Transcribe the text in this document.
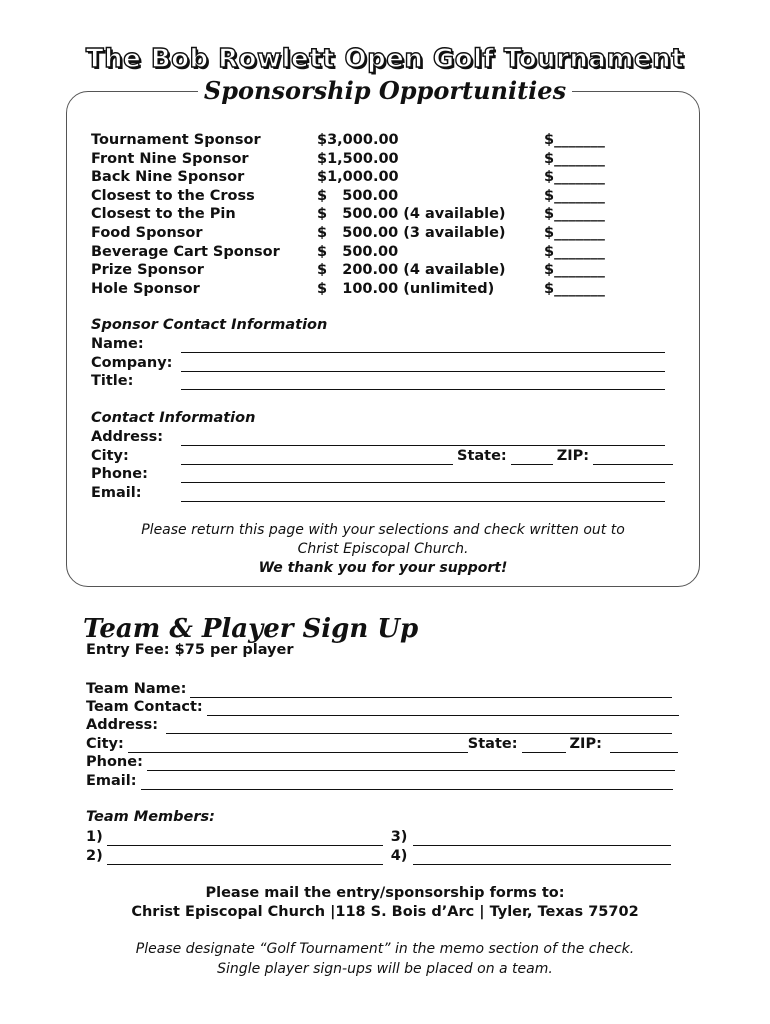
The Bob Rowlett Open Golf Tournament
Sponsorship Opportunities
Tournament Sponsor	$3,000.00	$_______
Front Nine Sponsor	$1,500.00	$_______
Back Nine Sponsor	$1,000.00	$_______
Closest to the Cross	$   500.00	$_______
Closest to the Pin	$   500.00 (4 available)	$_______
Food Sponsor	$   500.00 (3 available)	$_______
Beverage Cart Sponsor	$   500.00	$_______
Prize Sponsor	$   200.00 (4 available)	$_______
Hole Sponsor	$   100.00 (unlimited)	$_______
Sponsor Contact Information
Name:
Company:
Title:
Contact Information
Address:
City:	State:	ZIP:
Phone:
Email:
Please return this page with your selections and check written out to
Christ Episcopal Church.
We thank you for your support!
Team & Player Sign Up
Entry Fee: $75 per player
Team Name:
Team Contact:
Address:
City:	State:	ZIP:
Phone:
Email:
Team Members:
1)	3)
2)	4)
Please mail the entry/sponsorship forms to:
Christ Episcopal Church |118 S. Bois d’Arc | Tyler, Texas 75702
Please designate “Golf Tournament” in the memo section of the check.
Single player sign-ups will be placed on a team.
